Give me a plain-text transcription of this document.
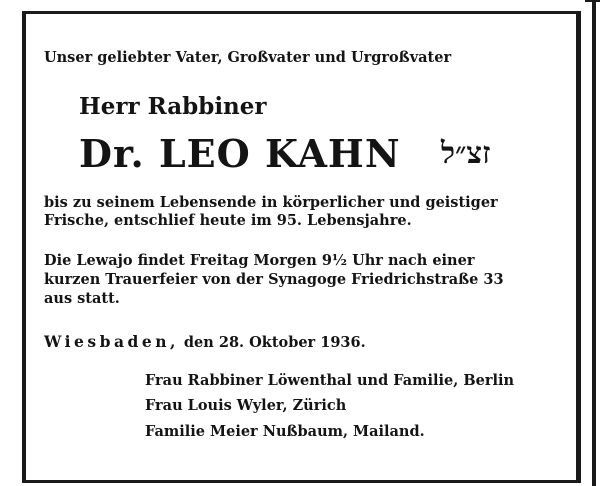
Unser geliebter Vater, Großvater und Urgroßvater
Herr Rabbiner
Dr. LEO KAHN זצ״ל
bis zu seinem Lebensende in körperlicher und geistiger
Frische, entschlief heute im 95. Lebensjahre.
Die Lewajo findet Freitag Morgen 9½ Uhr nach einer
kurzen Trauerfeier von der Synagoge Friedrichstraße 33
aus statt.
Wiesbaden, den 28. Oktober 1936.
Frau Rabbiner Löwenthal und Familie, Berlin
Frau Louis Wyler, Zürich
Familie Meier Nußbaum, Mailand.
